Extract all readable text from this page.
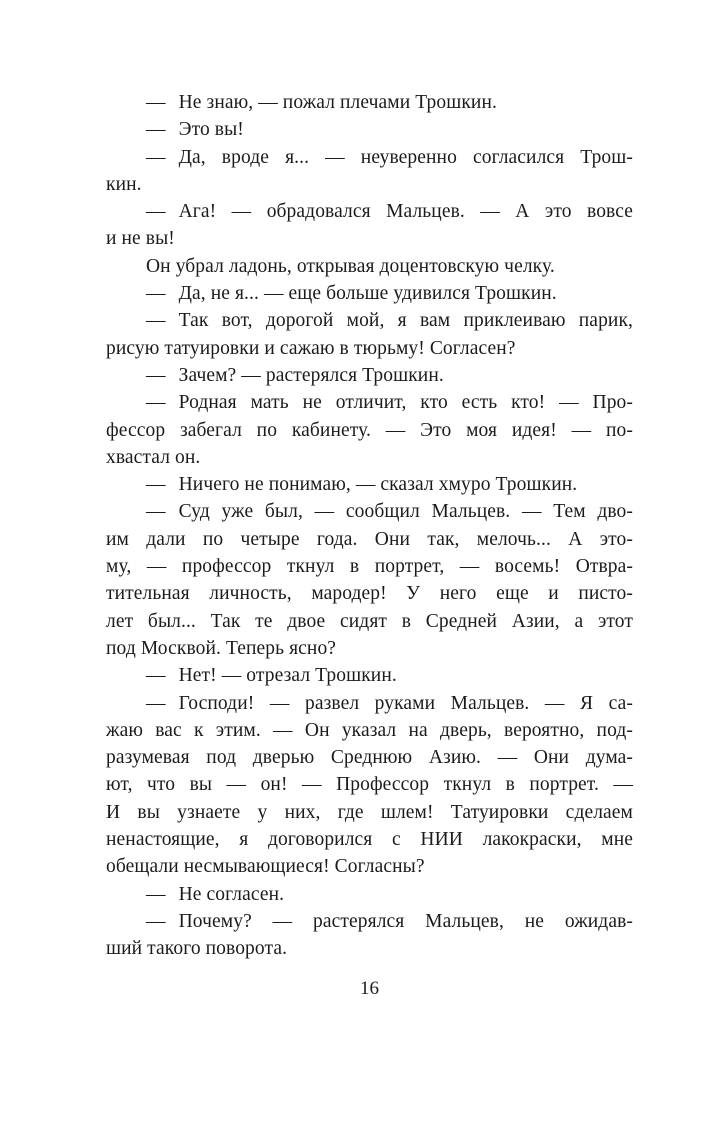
— Не знаю, — пожал плечами Трошкин.
— Это вы!
— Да, вроде я... — неуверенно согласился Трош-
кин.
— Ага! — обрадовался Мальцев. — А это вовсе
и не вы!
Он убрал ладонь, открывая доцентовскую челку.
— Да, не я... — еще больше удивился Трошкин.
— Так вот, дорогой мой, я вам приклеиваю парик,
рисую татуировки и сажаю в тюрьму! Согласен?
— Зачем? — растерялся Трошкин.
— Родная мать не отличит, кто есть кто! — Про-
фессор забегал по кабинету. — Это моя идея! — по-
хвастал он.
— Ничего не понимаю, — сказал хмуро Трошкин.
— Суд уже был, — сообщил Мальцев. — Тем дво-
им дали по четыре года. Они так, мелочь... А это-
му, — профессор ткнул в портрет, — восемь! Отвра-
тительная личность, мародер! У него еще и писто-
лет был... Так те двое сидят в Средней Азии, а этот
под Москвой. Теперь ясно?
— Нет! — отрезал Трошкин.
— Господи! — развел руками Мальцев. — Я са-
жаю вас к этим. — Он указал на дверь, вероятно, под-
разумевая под дверью Среднюю Азию. — Они дума-
ют, что вы — он! — Профессор ткнул в портрет. —
И вы узнаете у них, где шлем! Татуировки сделаем
ненастоящие, я договорился с НИИ лакокраски, мне
обещали несмывающиеся! Согласны?
— Не согласен.
— Почему? — растерялся Мальцев, не ожидав-
ший такого поворота.
16
